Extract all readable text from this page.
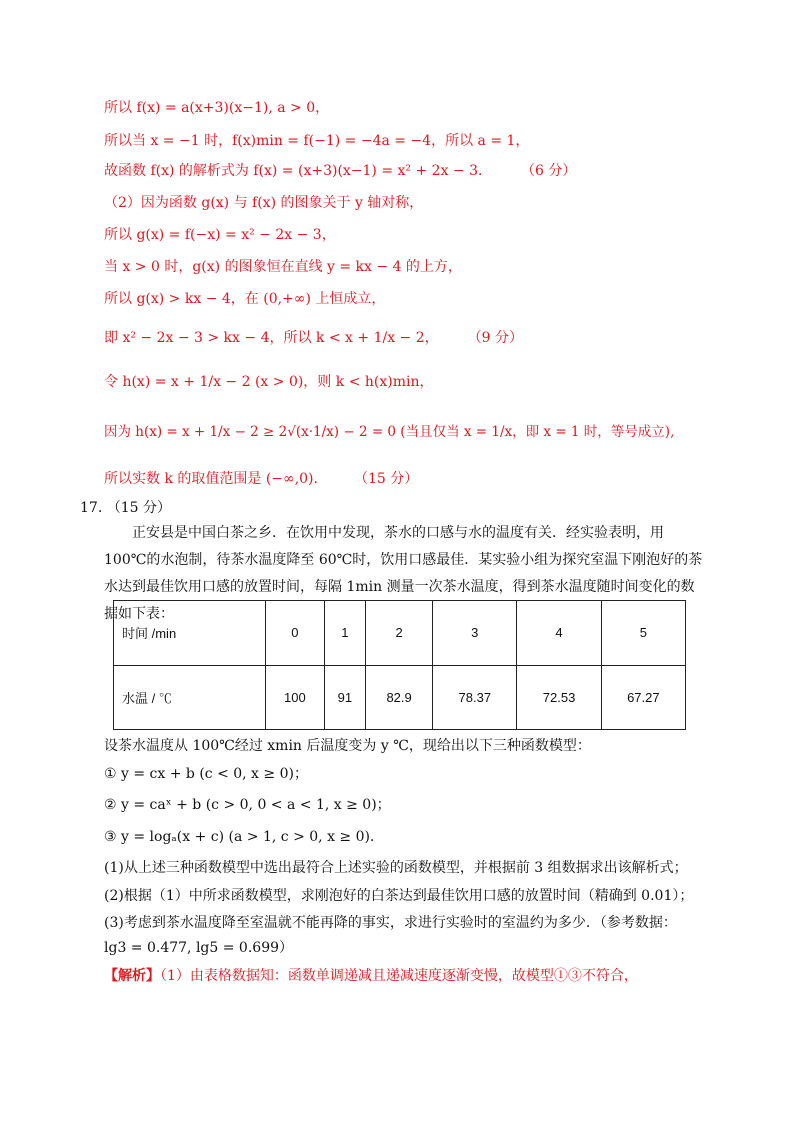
所以 f(x) = a(x+3)(x−1), a > 0，
所以当 x = −1 时，f(x)min = f(−1) = −4a = −4，所以 a = 1，
故函数 f(x) 的解析式为 f(x) = (x+3)(x−1) = x² + 2x − 3．	（6 分）
（2）因为函数 g(x) 与 f(x) 的图象关于 y 轴对称，
所以 g(x) = f(−x) = x² − 2x − 3，
当 x > 0 时，g(x) 的图象恒在直线 y = kx − 4 的上方，
所以 g(x) > kx − 4，在 (0,+∞) 上恒成立，
即 x² − 2x − 3 > kx − 4，所以 k < x + 1/x − 2，	（9 分）
令 h(x) = x + 1/x − 2 (x > 0)，则 k < h(x)min，
因为 h(x) = x + 1/x − 2 ≥ 2√(x·1/x) − 2 = 0 (当且仅当 x = 1/x，即 x = 1 时，等号成立),
所以实数 k 的取值范围是 (−∞,0).	（15 分）
17. （15 分）
正安县是中国白茶之乡．在饮用中发现，茶水的口感与水的温度有关．经实验表明，用 100℃的水泡制，待茶水温度降至 60℃时，饮用口感最佳．某实验小组为探究室温下刚泡好的茶水达到最佳饮用口感的放置时间，每隔 1min 测量一次茶水温度，得到茶水温度随时间变化的数据如下表：
时间 /min	0	1	2	3	4	5
水温 / ℃	100	91	82.9	78.37	72.53	67.27
设茶水温度从 100℃经过 xmin 后温度变为 y ℃，现给出以下三种函数模型：
① y = cx + b (c < 0, x ≥ 0)；
② y = caˣ + b (c > 0, 0 < a < 1, x ≥ 0)；
③ y = logₐ(x + c) (a > 1, c > 0, x ≥ 0)．
(1)从上述三种函数模型中选出最符合上述实验的函数模型，并根据前 3 组数据求出该解析式；
(2)根据（1）中所求函数模型，求刚泡好的白茶达到最佳饮用口感的放置时间（精确到 0.01）；
(3)考虑到茶水温度降至室温就不能再降的事实，求进行实验时的室温约为多少．（参考数据：
lg3 = 0.477, lg5 = 0.699）
【解析】（1）由表格数据知：函数单调递减且递减速度逐渐变慢，故模型①③不符合，
